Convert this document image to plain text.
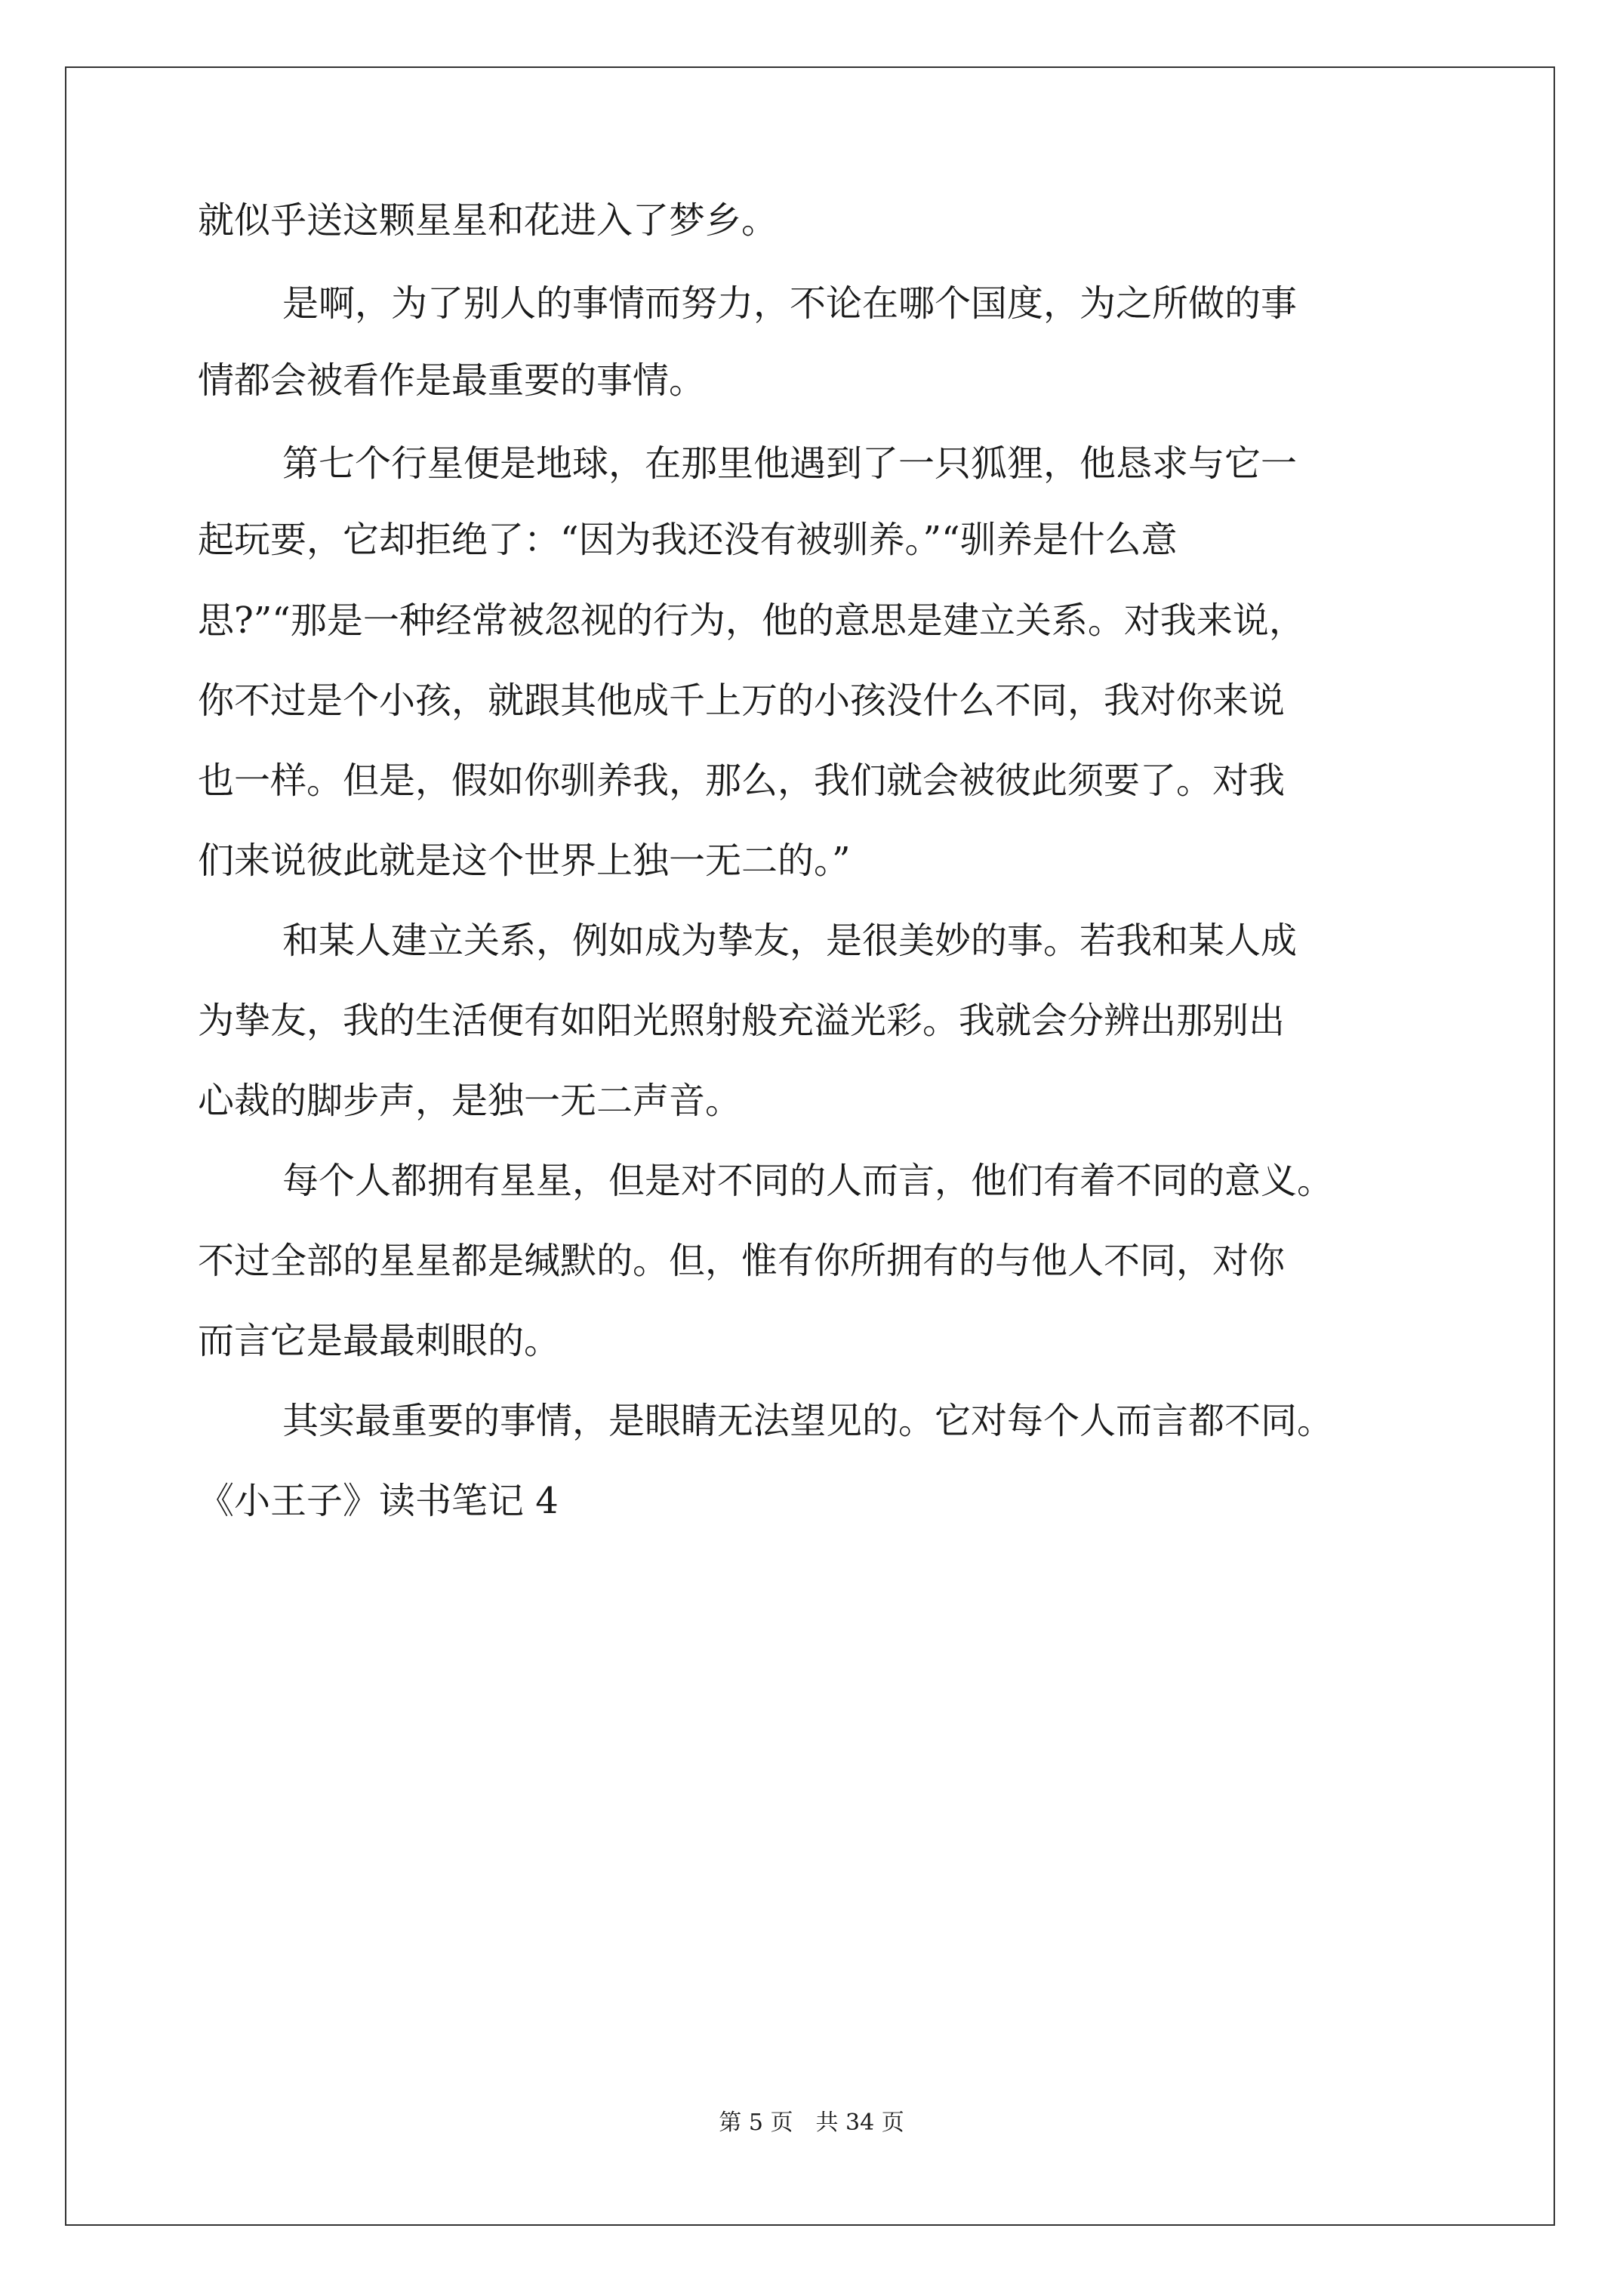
就似乎送这颗星星和花进入了梦乡。
是啊，为了别人的事情而努力，不论在哪个国度，为之所做的事
情都会被看作是最重要的事情。
第七个行星便是地球，在那里他遇到了一只狐狸，他恳求与它一
起玩要，它却拒绝了：“因为我还没有被驯养。”“驯养是什么意
思?”“那是一种经常被忽视的行为，他的意思是建立关系。对我来说，
你不过是个小孩，就跟其他成千上万的小孩没什么不同，我对你来说
也一样。但是，假如你驯养我，那么，我们就会被彼此须要了。对我
们来说彼此就是这个世界上独一无二的。”
和某人建立关系，例如成为挚友，是很美妙的事。若我和某人成
为挚友，我的生活便有如阳光照射般充溢光彩。我就会分辨出那别出
心裁的脚步声，是独一无二声音。
每个人都拥有星星，但是对不同的人而言，他们有着不同的意义。
不过全部的星星都是缄默的。但，惟有你所拥有的与他人不同，对你
而言它是最最刺眼的。
其实最重要的事情，是眼睛无法望见的。它对每个人而言都不同。
《小王子》读书笔记 4
第 5 页　共 34 页
